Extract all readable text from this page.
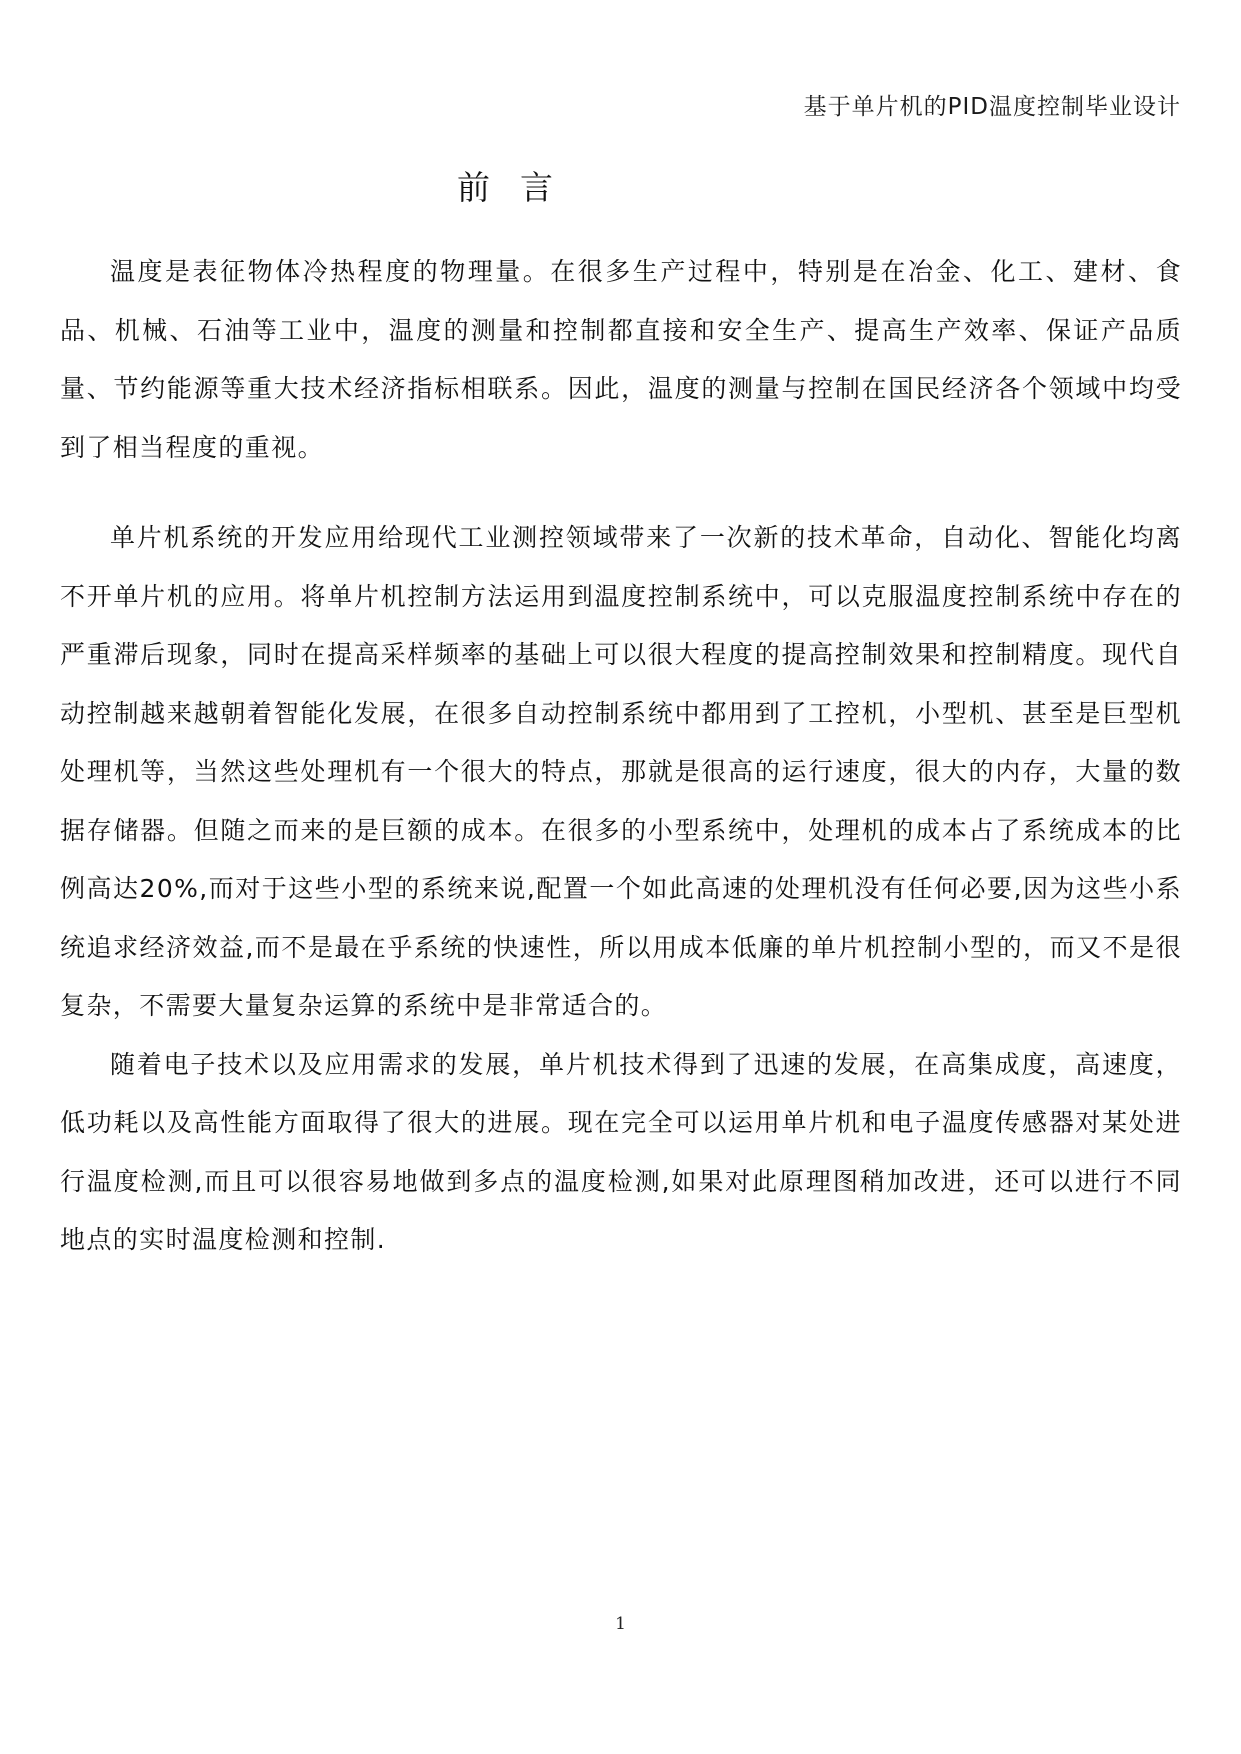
基于单片机的PID温度控制毕业设计
前言

温度是表征物体冷热程度的物理量。在很多生产过程中，特别是在冶金、化工、建材、食品、机械、石油等工业中，温度的测量和控制都直接和安全生产、提高生产效率、保证产品质量、节约能源等重大技术经济指标相联系。因此，温度的测量与控制在国民经济各个领域中均受到了相当程度的重视。

单片机系统的开发应用给现代工业测控领域带来了一次新的技术革命，自动化、智能化均离不开单片机的应用。将单片机控制方法运用到温度控制系统中，可以克服温度控制系统中存在的严重滞后现象，同时在提高采样频率的基础上可以很大程度的提高控制效果和控制精度。现代自动控制越来越朝着智能化发展，在很多自动控制系统中都用到了工控机，小型机、甚至是巨型机处理机等，当然这些处理机有一个很大的特点，那就是很高的运行速度，很大的内存，大量的数据存储器。但随之而来的是巨额的成本。在很多的小型系统中，处理机的成本占了系统成本的比例高达20%,而对于这些小型的系统来说,配置一个如此高速的处理机没有任何必要,因为这些小系统追求经济效益,而不是最在乎系统的快速性，所以用成本低廉的单片机控制小型的，而又不是很复杂，不需要大量复杂运算的系统中是非常适合的。

随着电子技术以及应用需求的发展，单片机技术得到了迅速的发展，在高集成度，高速度，低功耗以及高性能方面取得了很大的进展。现在完全可以运用单片机和电子温度传感器对某处进行温度检测,而且可以很容易地做到多点的温度检测,如果对此原理图稍加改进，还可以进行不同地点的实时温度检测和控制.

1
